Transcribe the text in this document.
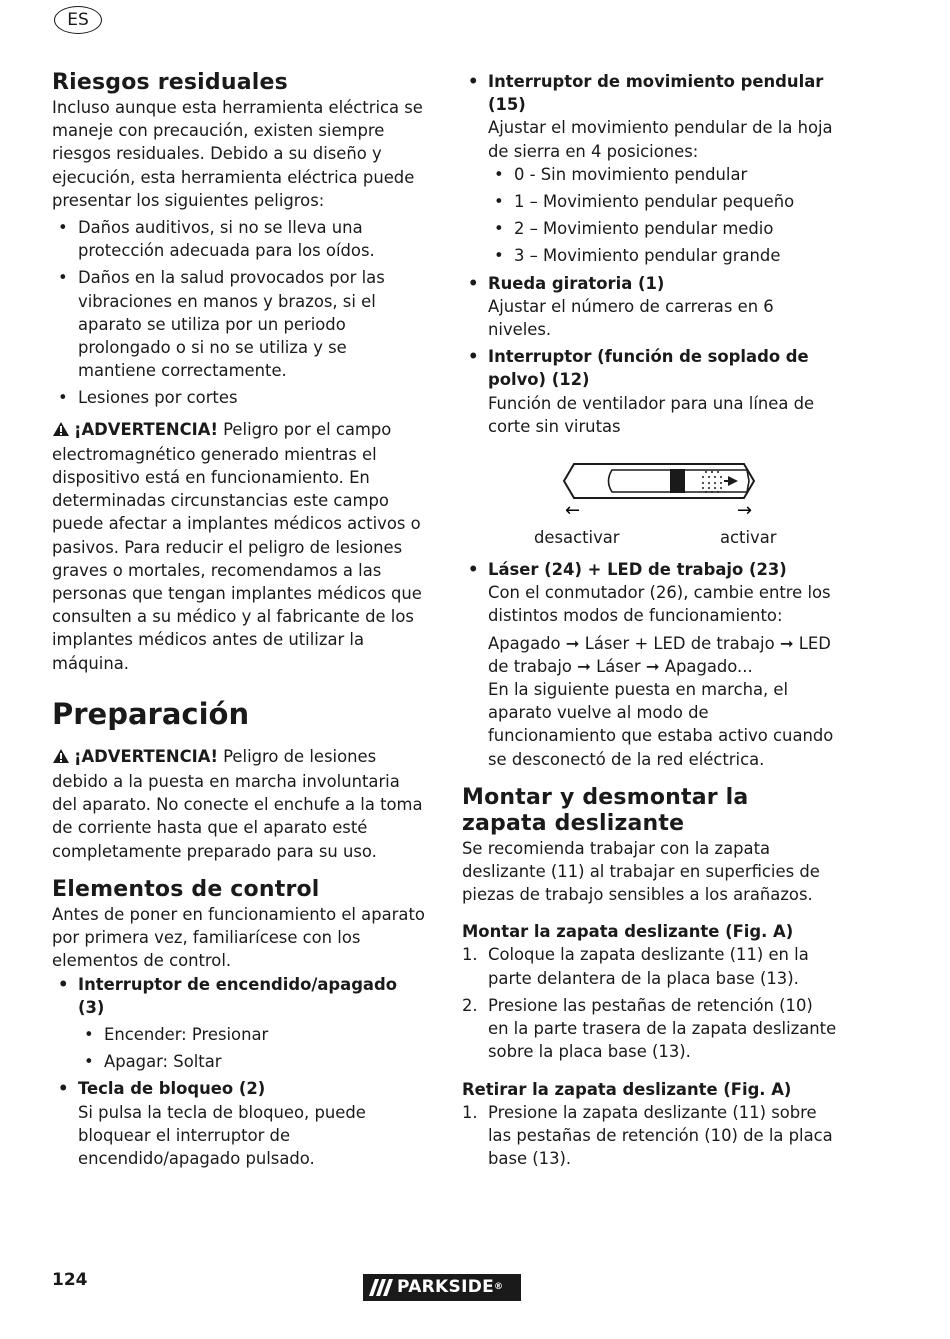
ES
Riesgos residuales

Incluso aunque esta herramienta eléctrica se maneje con precaución, existen siempre riesgos residuales. Debido a su diseño y ejecución, esta herramienta eléctrica puede presentar los siguientes peligros:

• Daños auditivos, si no se lleva una protección adecuada para los oídos.
• Daños en la salud provocados por las vibraciones en manos y brazos, si el aparato se utiliza por un periodo prolongado o si no se utiliza y se mantiene correctamente.
• Lesiones por cortes

¡ADVERTENCIA! Peligro por el campo electromagnético generado mientras el dispositivo está en funcionamiento. En determinadas circunstancias este campo puede afectar a implantes médicos activos o pasivos. Para reducir el peligro de lesiones graves o mortales, recomendamos a las personas que tengan implantes médicos que consulten a su médico y al fabricante de los implantes médicos antes de utilizar la máquina.

Preparación

¡ADVERTENCIA! Peligro de lesiones debido a la puesta en marcha involuntaria del aparato. No conecte el enchufe a la toma de corriente hasta que el aparato esté completamente preparado para su uso.

Elementos de control

Antes de poner en funcionamiento el aparato por primera vez, familiarícese con los elementos de control.

• Interruptor de encendido/apagado (3)
• Encender: Presionar
• Apagar: Soltar
• Tecla de bloqueo (2)

Si pulsa la tecla de bloqueo, puede bloquear el interruptor de encendido/apagado pulsado.

• Interruptor de movimiento pendular (15)

Ajustar el movimiento pendular de la hoja de sierra en 4 posiciones:

• 0 - Sin movimiento pendular
• 1 – Movimiento pendular pequeño
• 2 – Movimiento pendular medio
• 3 – Movimiento pendular grande
• Rueda giratoria (1)

Ajustar el número de carreras en 6 niveles.

• Interruptor (función de soplado de polvo) (12)

Función de ventilador para una línea de corte sin virutas

←	→
desactivar	activar
• Láser (24) + LED de trabajo (23)

Con el conmutador (26), cambie entre los distintos modos de funcionamiento:

Apagado ➞ Láser + LED de trabajo ➞ LED de trabajo ➞ Láser ➞ Apagado...

En la siguiente puesta en marcha, el aparato vuelve al modo de funcionamiento que estaba activo cuando se desconectó de la red eléctrica.

Montar y desmontar la zapata deslizante

Se recomienda trabajar con la zapata deslizante (11) al trabajar en superficies de piezas de trabajo sensibles a los arañazos.

Montar la zapata deslizante (Fig. A)
1. Coloque la zapata deslizante (11) en la parte delantera de la placa base (13).
2. Presione las pestañas de retención (10) en la parte trasera de la zapata deslizante sobre la placa base (13).
Retirar la zapata deslizante (Fig. A)
1. Presione la zapata deslizante (11) sobre las pestañas de retención (10) de la placa base (13).
124	PARKSIDE ®
